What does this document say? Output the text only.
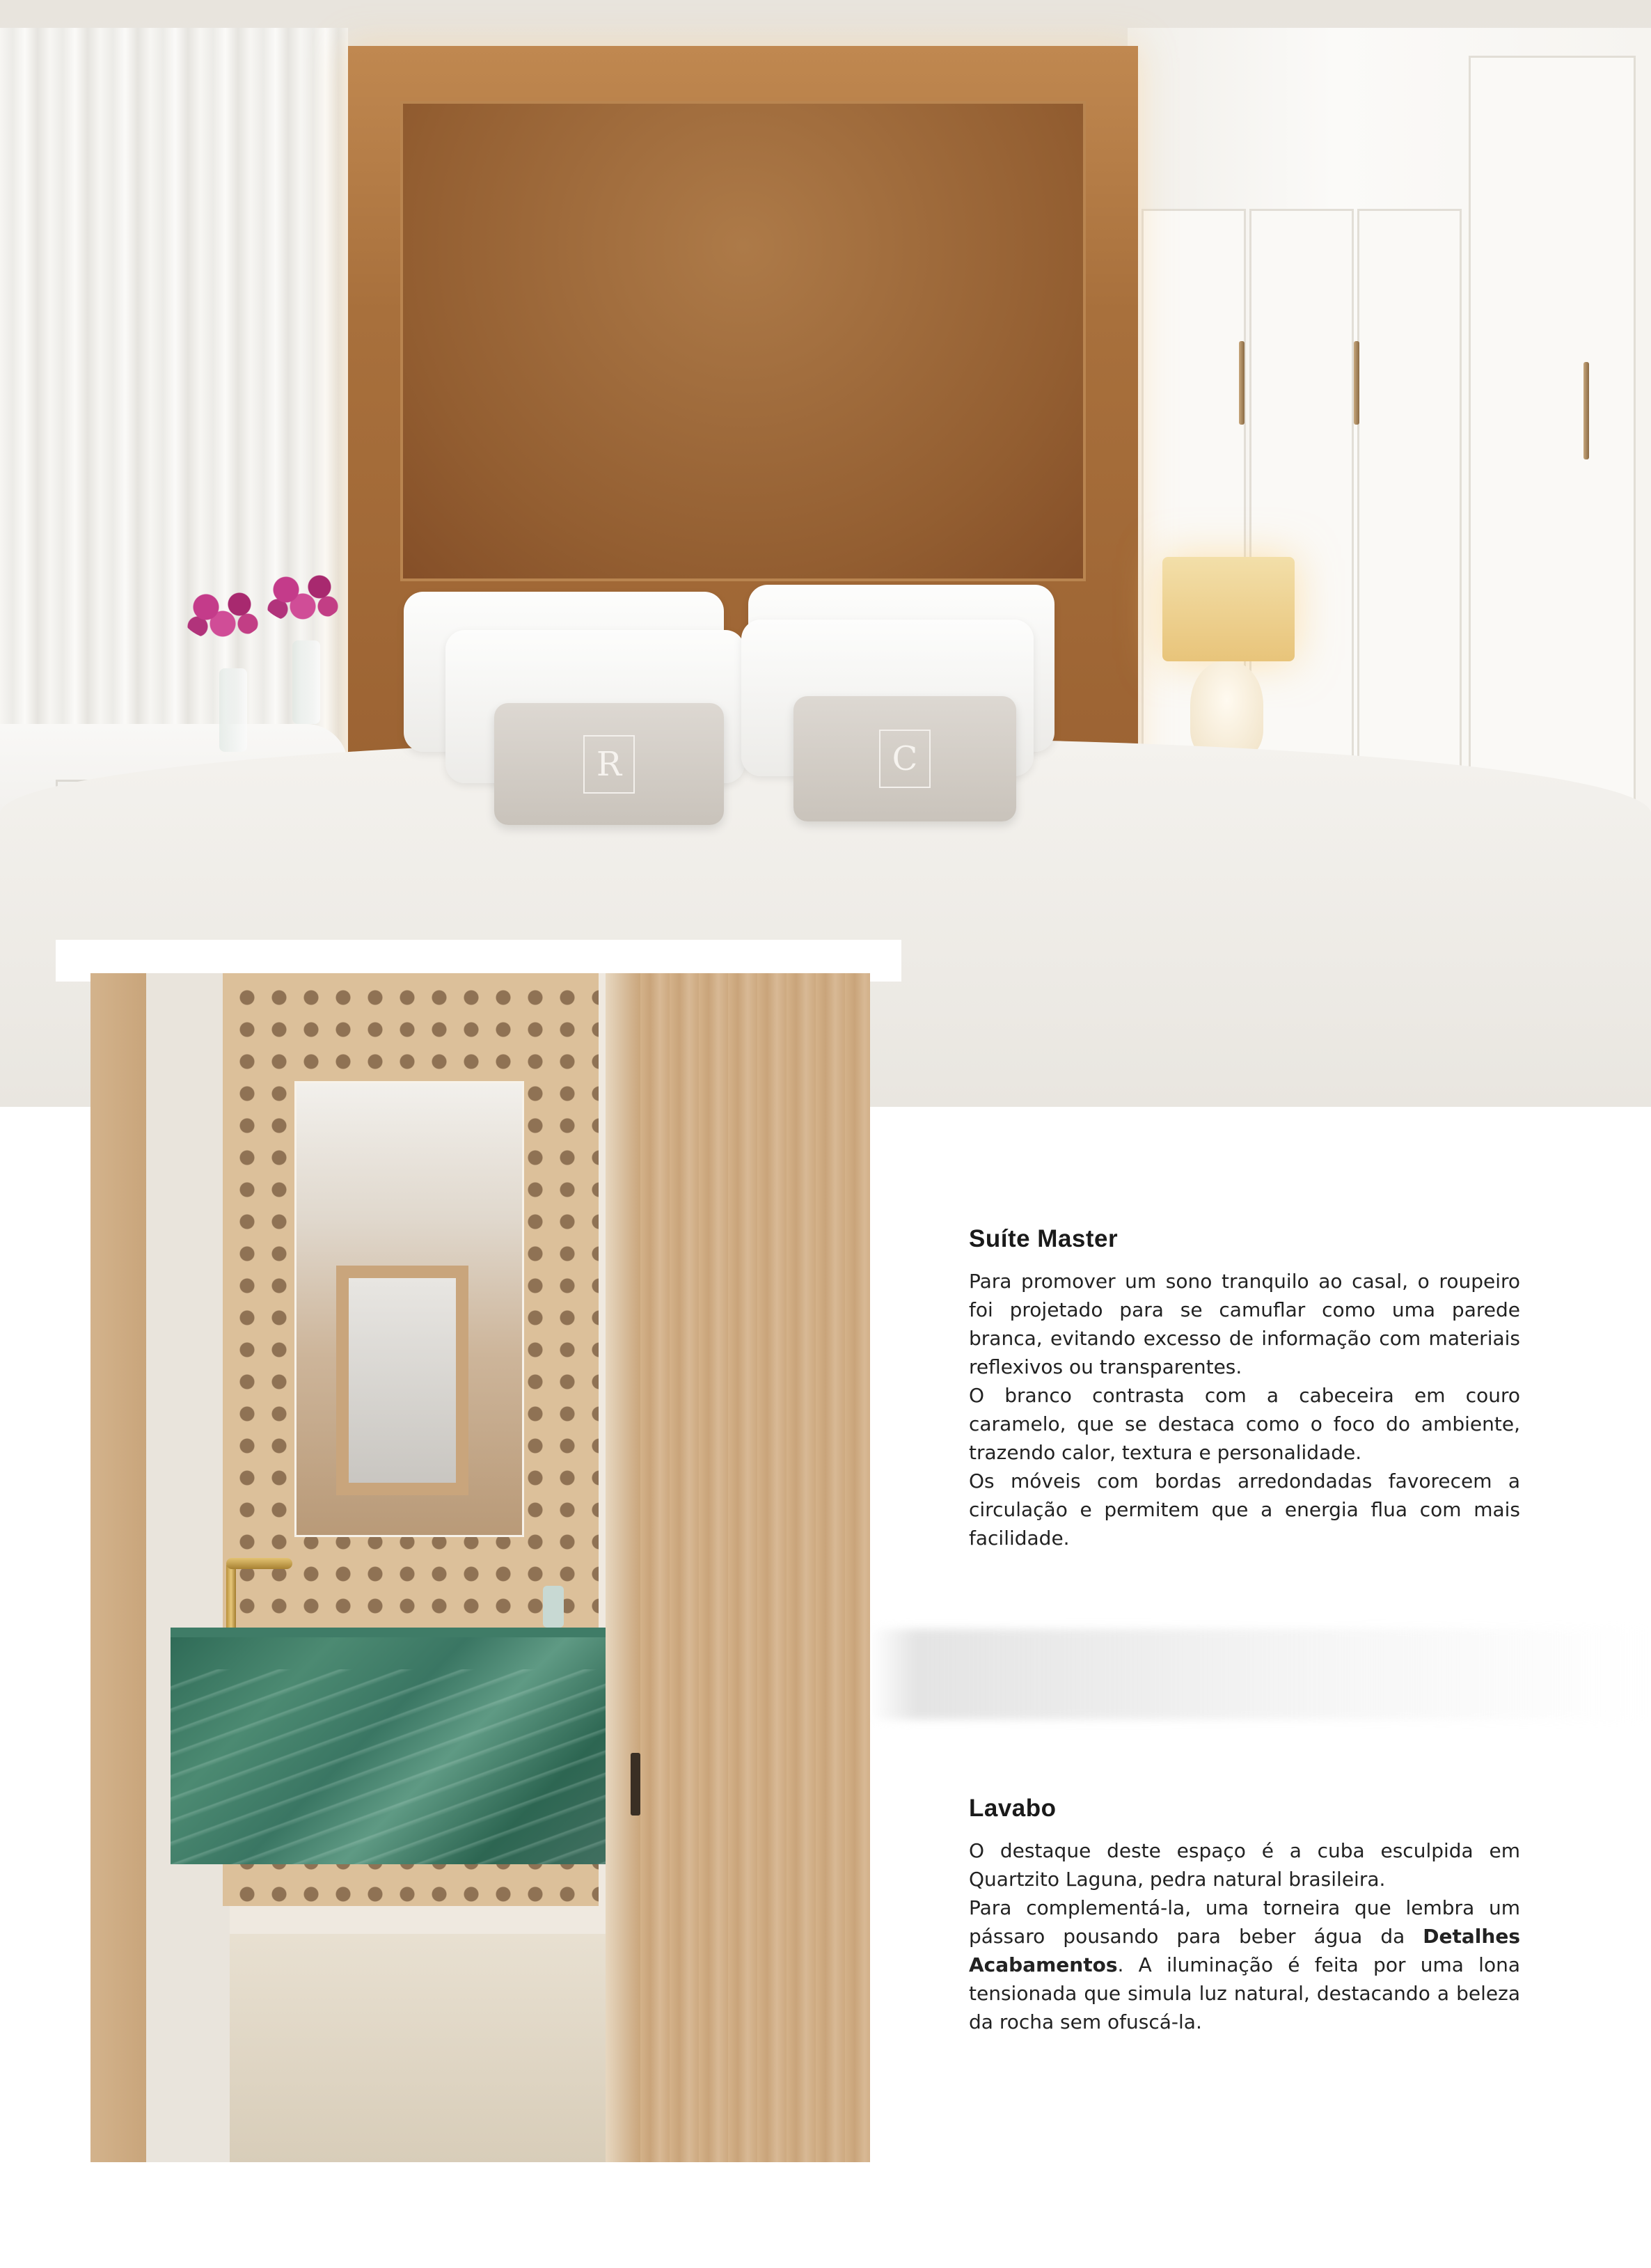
R	C
Suíte Master

Para promover um sono tranquilo ao casal, o roupeiro foi projetado para se camuflar como uma parede branca, evitando excesso de informação com materiais reflexivos ou transparentes.

O branco contrasta com a cabeceira em couro caramelo, que se destaca como o foco do ambiente, trazendo calor, textura e personalidade.

Os móveis com bordas arredondadas favorecem a circulação e permitem que a energia flua com mais facilidade.

Lavabo

O destaque deste espaço é a cuba esculpida em Quartzito Laguna, pedra natural brasileira.

Para complementá-la, uma torneira que lembra um pássaro pousando para beber água da Detalhes Acabamentos. A iluminação é feita por uma lona tensionada que simula luz natural, destacando a beleza da rocha sem ofuscá-la.
